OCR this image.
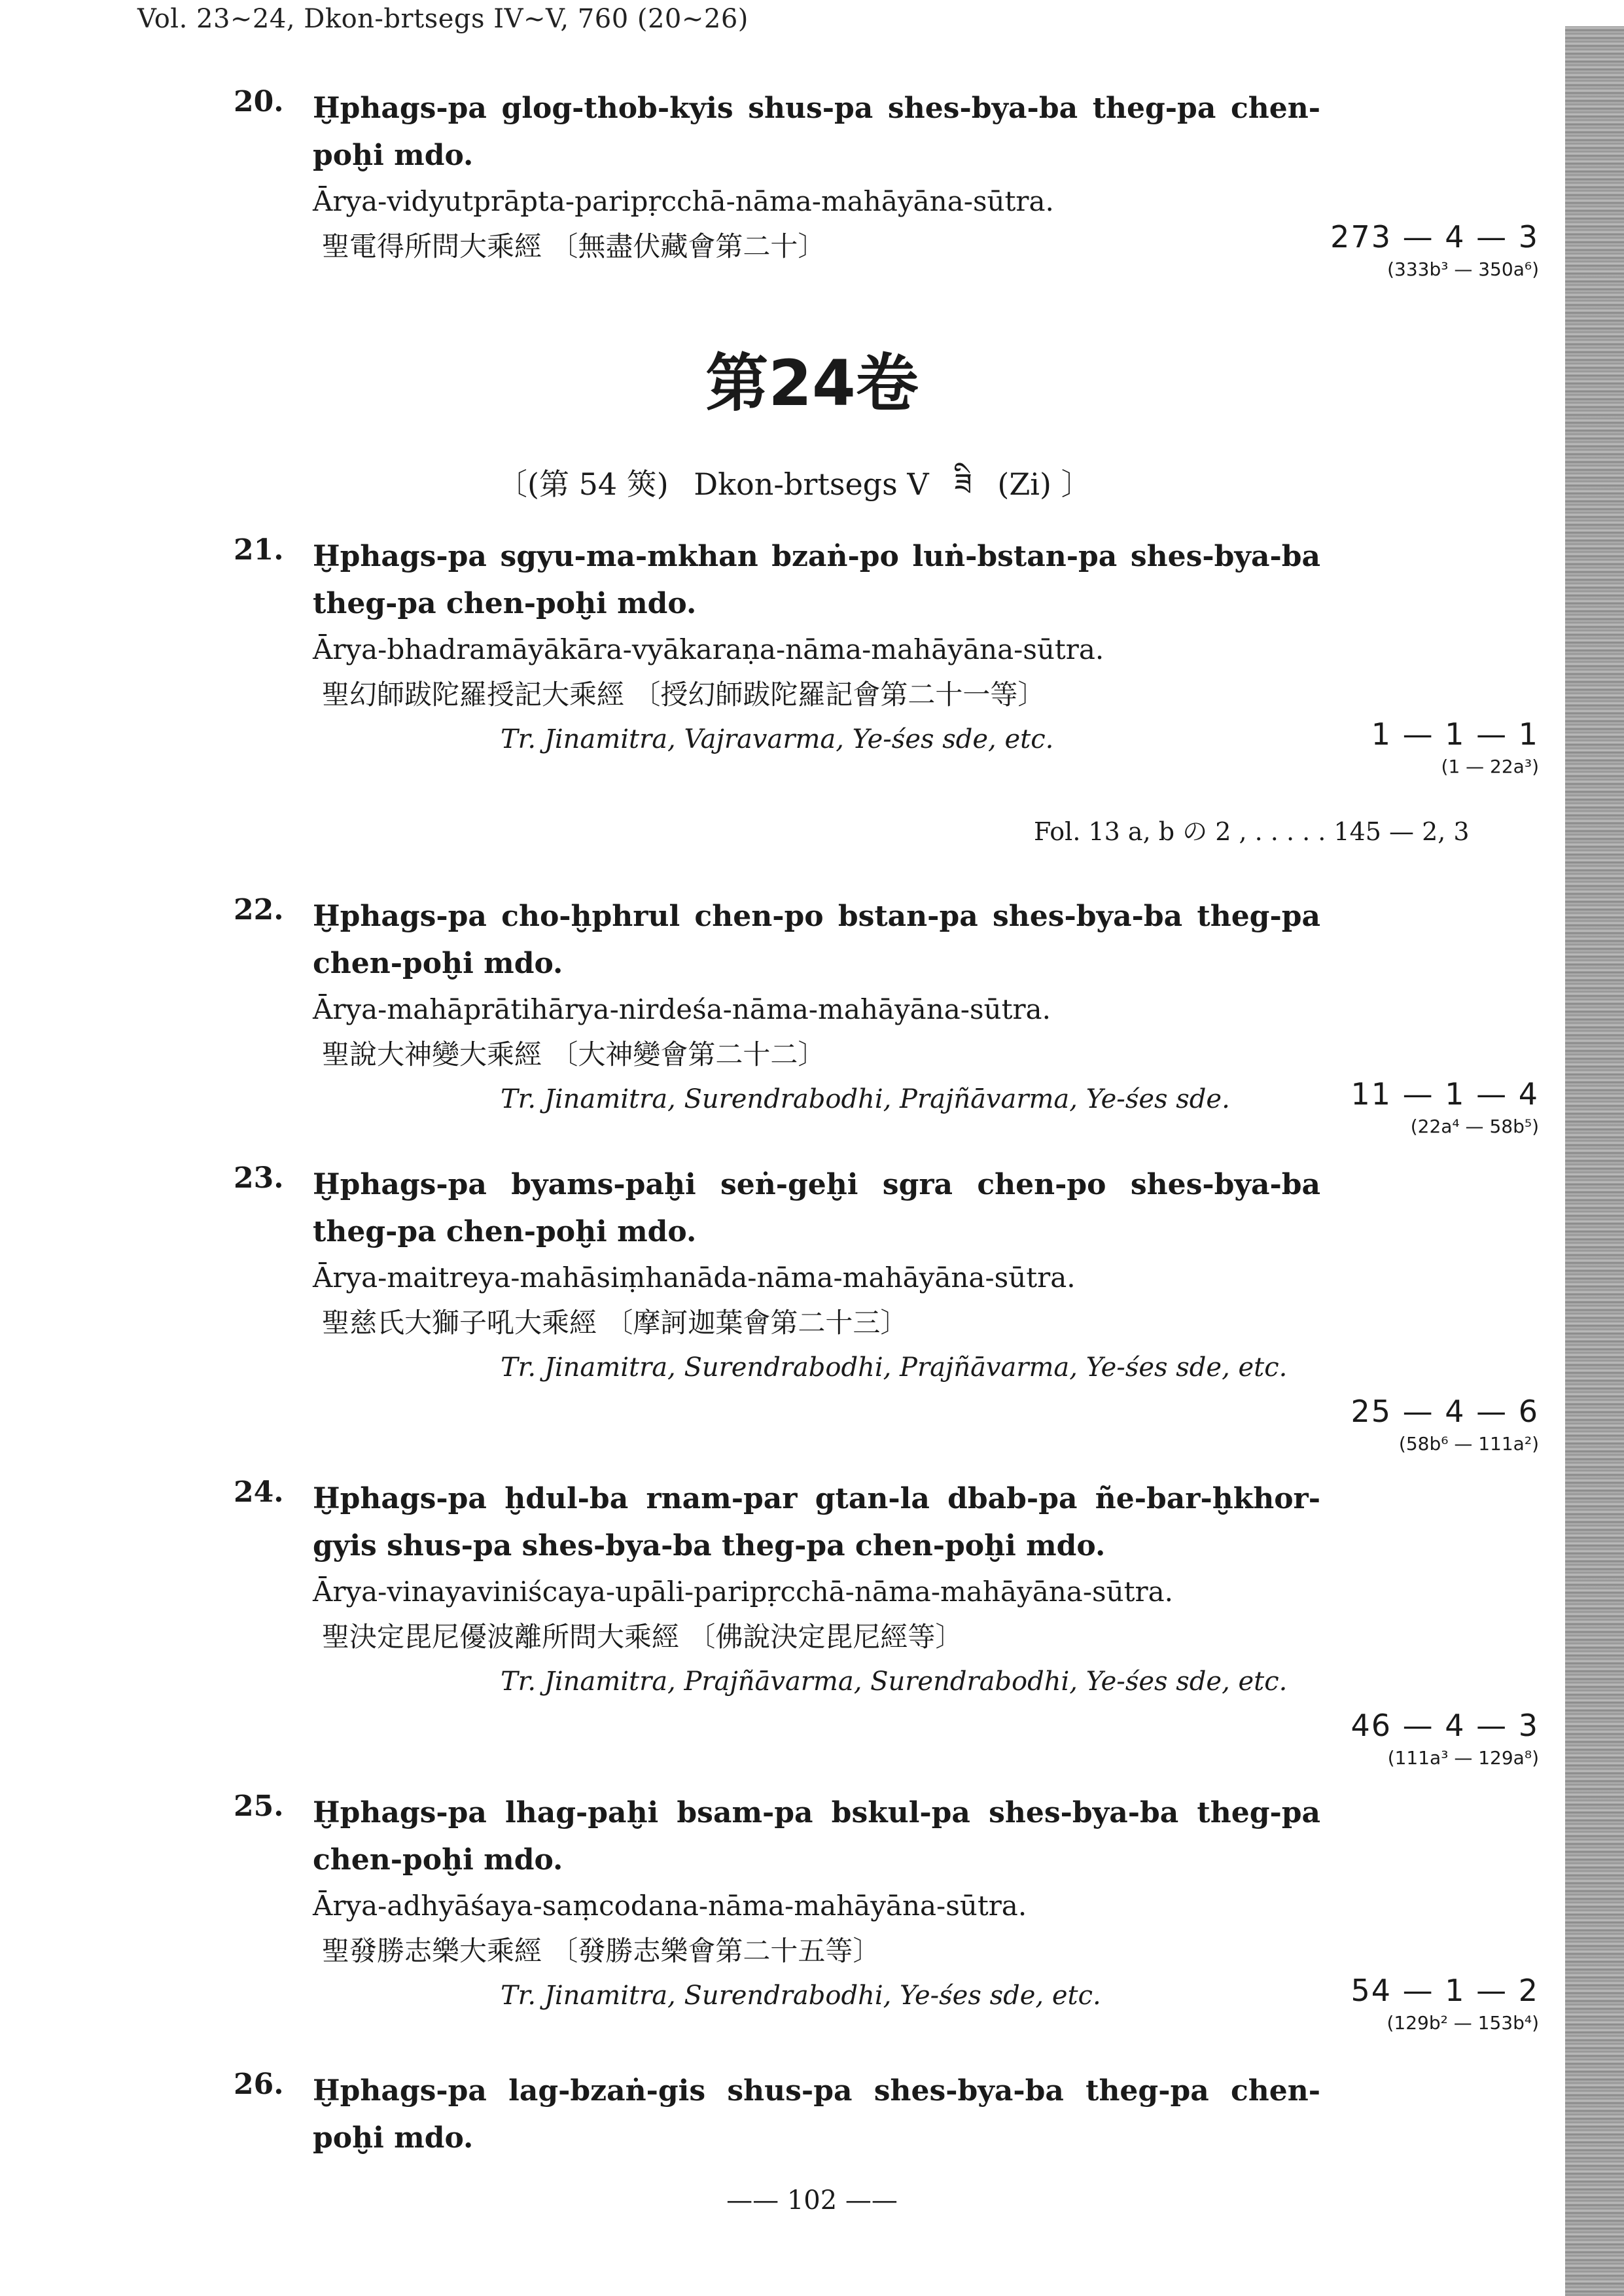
Vol. 23~24, Dkon-brtsegs IV~V, 760 (20~26)
20. Ḫphags-pa glog-thob-kyis shus-pa shes-bya-ba theg-pa chen-poḫi mdo.
Ārya-vidyutprāpta-paripṛcchā-nāma-mahāyāna-sūtra.
聖電得所問大乘經 〔無盡伏藏會第二十〕	273 — 4 — 3
(333b³ — 350a⁶)
第24卷
〔(第 54 筴) Dkon-brtsegs V ཟི (Zi) 〕
21. Ḫphags-pa sgyu-ma-mkhan bzaṅ-po luṅ-bstan-pa shes-bya-ba theg-pa chen-poḫi mdo.
Ārya-bhadramāyākāra-vyākaraṇa-nāma-mahāyāna-sūtra.
聖幻師跋陀羅授記大乘經 〔授幻師跋陀羅記會第二十一等〕
Tr. Jinamitra, Vajravarma, Ye-śes sde, etc.	1 — 1 — 1
(1 — 22a³)
Fol. 13 a, b の 2 , . . . . . 145 — 2, 3
22. Ḫphags-pa cho-ḫphrul chen-po bstan-pa shes-bya-ba theg-pa chen-poḫi mdo.
Ārya-mahāprātihārya-nirdeśa-nāma-mahāyāna-sūtra.
聖說大神變大乘經 〔大神變會第二十二〕
Tr. Jinamitra, Surendrabodhi, Prajñāvarma, Ye-śes sde.	11 — 1 — 4
(22a⁴ — 58b⁵)
23. Ḫphags-pa byams-paḫi seṅ-geḫi sgra chen-po shes-bya-ba theg-pa chen-poḫi mdo.
Ārya-maitreya-mahāsiṃhanāda-nāma-mahāyāna-sūtra.
聖慈氏大獅子吼大乘經 〔摩訶迦葉會第二十三〕
Tr. Jinamitra, Surendrabodhi, Prajñāvarma, Ye-śes sde, etc.
25 — 4 — 6
(58b⁶ — 111a²)
24. Ḫphags-pa ḫdul-ba rnam-par gtan-la dbab-pa ñe-bar-ḫkhor-gyis shus-pa shes-bya-ba theg-pa chen-poḫi mdo.
Ārya-vinayaviniścaya-upāli-paripṛcchā-nāma-mahāyāna-sūtra.
聖決定毘尼優波離所問大乘經 〔佛說決定毘尼經等〕
Tr. Jinamitra, Prajñāvarma, Surendrabodhi, Ye-śes sde, etc.
46 — 4 — 3
(111a³ — 129a⁸)
25. Ḫphags-pa lhag-paḫi bsam-pa bskul-pa shes-bya-ba theg-pa chen-poḫi mdo.
Ārya-adhyāśaya-saṃcodana-nāma-mahāyāna-sūtra.
聖發勝志樂大乘經 〔發勝志樂會第二十五等〕
Tr. Jinamitra, Surendrabodhi, Ye-śes sde, etc.	54 — 1 — 2
(129b² — 153b⁴)
26. Ḫphags-pa lag-bzaṅ-gis shus-pa shes-bya-ba theg-pa chen-poḫi mdo.
—— 102 ——
